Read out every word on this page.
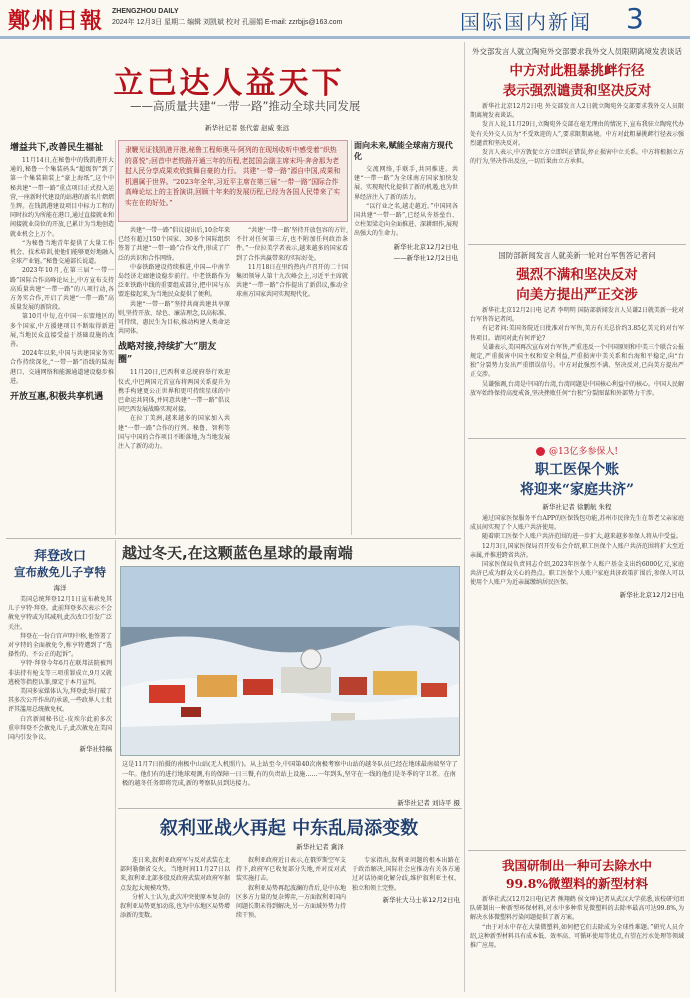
鄭州日報 ZHENGZHOU DAILY
2024年 12月3日 星期二 编辑 刘凯斌 校对 孔丽娟 E-mail: zzrbjjs@163.com	国际国内新闻 3
立己达人益天下
——高质量共建“一带一路”推动全球共同发展
新华社记者 张代蕾 赵威 张远
隶鞭见证钱凯港开港,秘鲁工程师奥马·阿列的在现场收听中感受着“织热的喜悦”;回首中老铁路开通三年的历程,老挝国会副主席宋玛·奔舍那为老挝人民分享成果欢欣鼓舞自豪的力行。 共建“一带一路”源自中国,成果和机遇属于世界。“2023年全年,习近平主席在第三届“一带一路”国际合作高峰论坛上的主旨演讲,回顾十年来的发展历程,已经为各国人民带来了实实在在的好处。”
增益共下,改善民生福祉
11月14日,在秘鲁中的钱凯港开大通的,秘鲁一个集装码头“超级智”到了第一个集装箱装上“豪上海纸”,这个中秘共建“一带一路”重点项目正式投入运营,一座新时代建设的站港的新名片熠熠生辉。在钱凯港建设项目中标力工程的同时拉约为所能在港口,通过直接就业和间接就业岗位的开放,已累计为当地创造就业机会上万个。
“为秘鲁当地青年提供了大量工作机会、技术培训,使他们能够更好地融入全球产业链。”秘鲁交通部长说道。
2023年10月,在第三届“一带一路”国际合作高峰论坛上,中方宣布支持高质量共建“一带一路”的八项行动,各方务实合作,开启了共建“一带一路”高质量发展的新阶段。
第10月中旬,在中国一东盟地区的多个国家,中方援建项目不断取得新进展,当地民众直接受益于基础设施的改善。
2024年以来,中国与共建国家务实合作持续深化,“一带一路”沿线的陆海港口、交通网络和能源通道建设稳步推进。
开放互惠,积极共享机遇
共建“一带一路”倡议提出后,10余年来已经有超过150个国家、30多个国际组织签署了共建“一带一路”合作文件,形成了广泛的共识和合作网络。
中泰铁路建设持续推进,中国—中南半岛经济走廊建设稳步前行。中老铁路作为泛亚铁路中线的重要组成部分,把中国与东盟连接起来,为当地民众提供了便利。
共建“一带一路”坚持共商共建共享原则,坚持开放、绿色、廉洁理念,以高标准、可持续、惠民生为目标,推动构建人类命运共同体。
战略对接,持续扩大“朋友圈”
11月20日,巴西利亚总统府举行欢迎仪式,中巴两国元首宣布将两国关系提升为携手构建更公正世界和更可持续星球的中巴命运共同体,并同意共建“一带一路”倡议同巴西发展战略实现对接。
在拉丁美洲,越来越多的国家加入共建“一带一路”合作的行列。秘鲁、智利等国与中国的合作项目不断落地,为当地发展注入了新的动力。
“共建‘一带一路’坚持开放包容的方针,不针对任何第三方,也不附加任何政治条件。”一位拉美学者表示,越来越多的国家看到了合作共赢带来的实际好处。
11月18日在里约热内卢召开的二十国集团领导人第十九次峰会上,习近平主席就共建“一带一路”合作提出了新倡议,推动全球南方国家共同实现现代化。
面向未来,赋能全球南方现代化
交流网络,手联手,共同推进。共建“一带一路”为全球南方国家加快发展、实现现代化提供了新的机遇,也为世界经济注入了新的活力。
“以行业之名,越走越近。”中国同各国共建“一带一路”,已经从夯基垒台、立柱架梁走向全面推进、深耕细作,展现出强大的生命力。
新华社北京12月2日电
——新华社12月2日电
拜登改口
宣布赦免儿子亨特
海洋
美国总统拜登12月1日宣布赦免其儿子亨特·拜登。此前拜登多次表示不会赦免亨特或为其减刑,此次改口引发广泛关注。
拜登在一份白宫声明中称,他签署了对亨特的全面赦免令,称亨特遭到了“选择性的、不公正的起诉”。
亨特·拜登今年6月在联邦法院被判非法持有枪支等三项重罪成立,9月又就逃税等指控认罪,原定于本月宣判。
美国多家媒体认为,拜登此举打破了其多次公开作出的承诺,一些政界人士批评其滥用总统赦免权。
白宫新闻秘书让-皮埃尔此前多次重申拜登不会赦免儿子,此次赦免在美国国内引发争议。
新华社特稿
越过冬天,在这颗蓝色星球的最南端
这是11月7日拍摄的南极中山站(无人机照片)。从上站至今,中国第40次南极考察中山站的越冬队员已经在地球最南端坚守了一年。他们有的进行地球观测,有的保障一日三餐,有的负责站上设施……一年到头,坚守在一线的他们是冬季的守卫者。在南极的越冬任务即将完成,新的考察队员到达接力。
新华社记者 刘诗平 摄
叙利亚战火再起 中东乱局添变数
新华社记者 冀泽
连日来,叙利亚政府军与反对武装在北部阿勒颇省交火。当地时间11月27日以来,叙利亚北部多股反政府武装对政府军据点发起大规模攻势。
分析人士认为,此次冲突使原本复杂的叙利亚局势更加动荡,也为中东地区局势增添新的变数。
叙利亚政府近日表示,在俄罗斯空军支持下,政府军已收复部分失地,并对反对武装实施打击。
叙利亚局势再起波澜的背后,是中东地区多方力量的复杂博弈,一方面叙利亚国内问题长期未得到解决,另一方面域外势力持续干预。
专家指出,叙利亚问题的根本出路在于政治解决,国际社会应推动有关各方通过对话协商化解分歧,维护叙利亚主权、独立和领土完整。
新华社大马士革12月2日电
外交部发言人就立陶宛外交部要求我外交人员限期离境发表谈话
中方对此粗暴挑衅行径
表示强烈谴责和坚决反对
新华社北京12月2日电 外交部发言人2日就立陶宛外交部要求我外交人员限期离境发表谈话。
发言人说,11月29日,立陶宛外交部在毫无理由的情况下,宣布我驻立陶宛代办处有关外交人员为“不受欢迎的人”,要求限期离境。中方对此粗暴挑衅行径表示强烈谴责和坚决反对。
发言人表示,中方敦促立方立即纠正错误,停止损害中立关系。中方将根据立方的行为,坚决作出反应,一切后果由立方承担。
国防部新闻发言人就美新一轮对台军售答记者问
强烈不满和坚决反对
向美方提出严正交涉
新华社北京12月2日电 记者 李明明 国防部新闻发言人吴谦2日就美新一轮对台军售答记者问。
有记者问:美国务院近日批准对台军售,美方有关总价约3.85亿美元的对台军售项目。请问对此有何评论?
吴谦表示,美国再次宣布对台军售,严重违反一个中国原则和中美三个联合公报规定,严重损害中国主权和安全利益,严重损害中美关系和台海和平稳定,向“台独”分裂势力发出严重错误信号。中方对此强烈不满、坚决反对,已向美方提出严正交涉。
吴谦强调,台湾是中国的台湾,台湾问题是中国核心利益中的核心。中国人民解放军始终保持高度戒备,坚决挫败任何“台独”分裂图谋和外部势力干涉。
@13亿多参保人!
职工医保个账
将迎来“家庭共济”
新华社记者 徐鹏航 朱程
通过国家医保服务平台APP的医保钱包功能,苏州市民徐先生在帮老父亲家庭成员间实现了个人账户共济使用。
随着职工医保个人账户共济范围的进一步扩大,越来越多参保人将从中受益。
12月3日,国家医保局召开发布会介绍,职工医保个人账户共济范围将扩大至近亲属,并推进跨省共济。
国家医保局负责同志介绍,2023年医保个人账户基金支出约6000亿元,家庭共济已成为群众关心的热点。职工医保个人账户家庭共济政策扩围后,参保人可以使用个人账户为近亲属缴纳居民医保。
新华社北京12月2日电
我国研制出一种可去除水中
99.8%微塑料的新型材料
新华社武汉12月2日电(记者 熊翔鹤 侯文坤)记者从武汉大学获悉,该校研究团队研制出一种新型环保材料,对水中多种常见微塑料的去除率最高可达99.8%,为解决水体微塑料污染问题提供了新方案。
“由于对水中存在大量微塑料,如何把它们去除成为全球性难题。”研究人员介绍,这种新型材料具有成本低、效率高、可循环使用等优点,有望在污水处理等领域推广应用。
